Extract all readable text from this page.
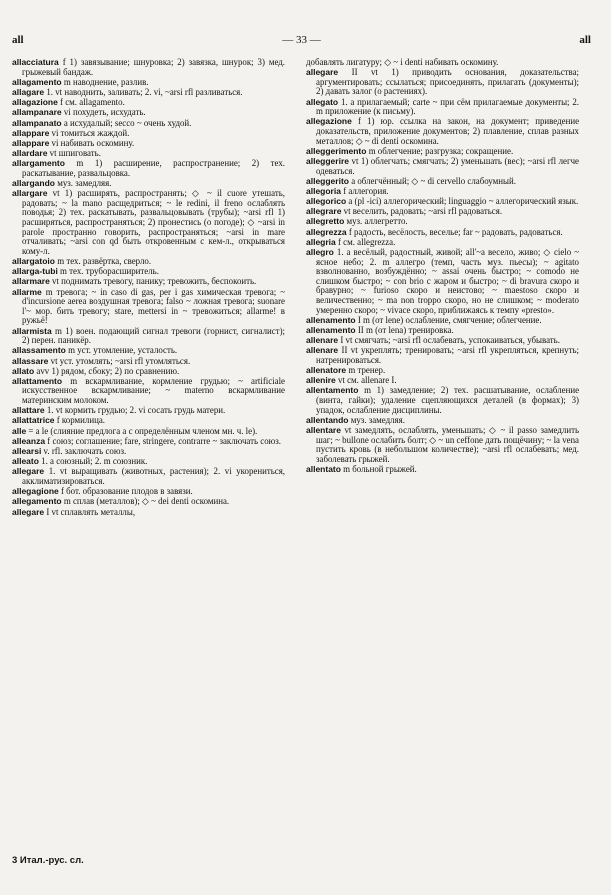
all	— 33 —	all

allacciatura f 1) завязывание; шнуровка; 2) завязка, шнурок; 3) мед. грыжевый бандаж.

allagamento m наводнение, разлив.

allagare 1. vt наводнить, заливать; 2. vi, ~arsi rfl разливаться.

allagazione f см. allagamento.

allampanare vi похудеть, исхудать.

allampanato a исхудалый; secco ~ очень худой.

allappare vi томиться жаждой.

allappare vi набивать оскомину.

allardare vt шпиговать.

allargamento m 1) расширение, распространение; 2) тех. раскатывание, развальцовка.

allargando муз. замедляя.

allargare vt 1) расширять, распространять; ◇ ~ il cuore утешать, радовать; ~ la mano расщедриться; ~ le redini, il freno ослаблять поводья; 2) тех. раскатывать, развальцовывать (трубы); ~arsi rfl 1) расширяться, распространяться; 2) пронестись (о погоде); ◇ ~arsi in parole пространно говорить, распространяться; ~arsi in mare отчаливать; ~arsi con qd быть откровенным с кем-л., открываться кому-л.

allargatoio m тех. развёртка, сверло.

allarga-tubi m тех. труборасширитель.

allarmare vt поднимать тревогу, панику; тревожить, беспокоить.

allarme m тревога; ~ in caso di gas, per i gas химическая тревога; ~ d'incursione aerea воздушная тревога; falso ~ ложная тревога; suonare l'~ мор. бить тревогу; stare, mettersi in ~ тревожиться; allarme! в ружьё!

allarmista m 1) воен. подающий сигнал тревоги (горнист, сигналист); 2) перен. паникёр.

allassamento m уст. утомление, усталость.

allassare vt уст. утомлять; ~arsi rfl утомляться.

allato avv 1) рядом, сбоку; 2) по сравнению.

allattamento m вскармливание, кормление грудью; ~ artificiale искусственное вскармливание; ~ materno вскармливание материнским молоком.

allattare 1. vt кормить грудью; 2. vi сосать грудь матери.

allattatrice f кормилица.

alle = a le (слияние предлога a с определённым членом мн. ч. le).

alleanza f союз; соглашение; fare, stringere, contrarre ~ заключать союз.

allearsi v. rfl. заключать союз.

alleato 1. a союзный; 2. m союзник.

allegare 1. vt выращивать (животных, растения); 2. vi укорениться, акклиматизироваться.

allegagione f бот. образование плодов в завязи.

allegamento m сплав (металлов); ◇ ~ dei denti оскомина.

allegare I vt сплавлять металлы,

добавлять лигатуру; ◇ ~ i denti набивать оскомину.

allegare II vt 1) приводить основания, доказательства; аргументировать; ссылаться; присоединять, прилагать (документы); 2) давать залог (о растениях).

allegato 1. a прилагаемый; carte ~ при сём прилагаемые документы; 2. m приложение (к письму).

allegazione f 1) юр. ссылка на закон, на документ; приведение доказательств, приложение документов; 2) плавление, сплав разных металлов; ◇ ~ di denti оскомина.

alleggerimento m облегчение; разгрузка; сокращение.

alleggerire vt 1) облегчать; смягчать; 2) уменьшать (вес); ~arsi rfl легче одеваться.

alleggerito a облегчённый; ◇ ~ di cervello слабоумный.

allegoria f аллегория.

allegorico a (pl -ici) аллегорический; linguaggio ~ аллегорический язык.

allegrare vt веселить, радовать; ~arsi rfl радоваться.

allegretto муз. аллегретто.

allegrezza f радость, весёлость, веселье; far ~ радовать, радоваться.

allegria f см. allegrezza.

allegro 1. a весёлый, радостный, живой; all'~a весело, живо; ◇ cielo ~ ясное небо; 2. m аллегро (темп, часть муз. пьесы); ~ agitato взволнованно, возбуждённо; ~ assai очень быстро; ~ comodo не слишком быстро; ~ con brio с жаром и быстро; ~ di bravura скоро и бравурно; ~ furioso скоро и неистово; ~ maestoso скоро и величественно; ~ ma non troppo скоро, но не слишком; ~ moderato умеренно скоро; ~ vivace скоро, приближаясь к темпу «presto».

allenamento I m (от lene) ослабление, смягчение; облегчение.

allenamento II m (от lena) тренировка.

allenare I vt смягчать; ~arsi rfl ослабевать, успокаиваться, убывать.

allenare II vt укреплять; тренировать; ~arsi rfl укрепляться, крепнуть; натренироваться.

allenatore m тренер.

allenire vt см. allenare I.

allentamento m 1) замедление; 2) тех. расшатывание, ослабление (винта, гайки); удаление сцепляющихся деталей (в формах); 3) упадок, ослабление дисциплины.

allentando муз. замедляя.

allentare vt замедлять, ослаблять, уменьшать; ◇ ~ il passo замедлить шаг; ~ bullone ослабить болт; ◇ ~ un ceffone дать пощёчину; ~ la vena пустить кровь (в небольшом количестве); ~arsi rfl ослабевать; мед. заболевать грыжей.

allentato m больной грыжей.

3 Итал.-рус. сл.
